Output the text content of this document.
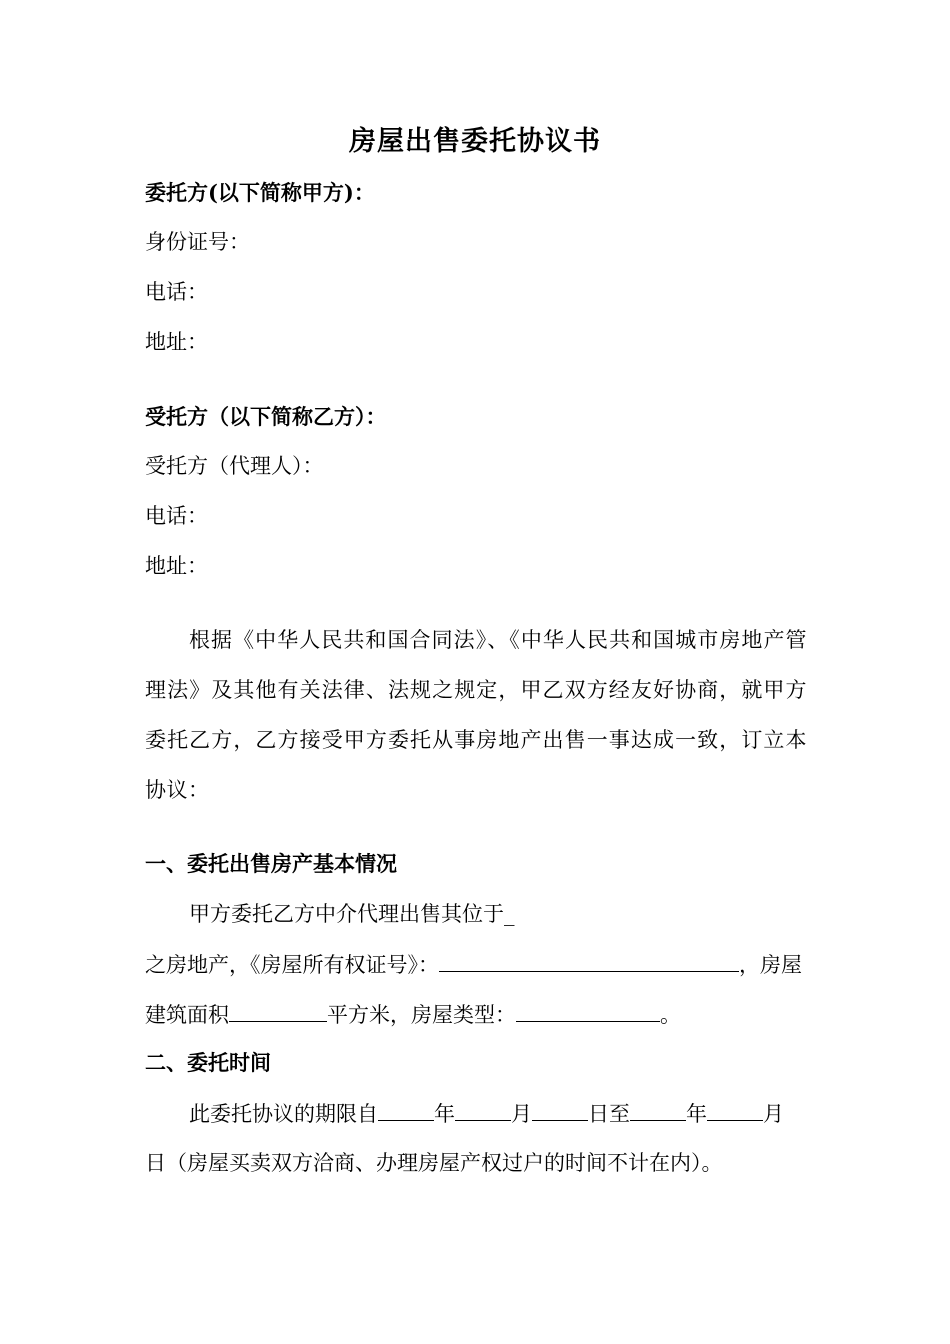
房屋出售委托协议书
委托方(以下简称甲方)：
身份证号：
电话：
地址：
受托方（以下简称乙方）：
受托方（代理人）：
电话：
地址：
根据《中华人民共和国合同法》、《中华人民共和国城市房地产管理法》及其他有关法律、法规之规定，甲乙双方经友好协商，就甲方委托乙方，乙方接受甲方委托从事房地产出售一事达成一致，订立本协议：
一、委托出售房产基本情况
甲方委托乙方中介代理出售其位于_
之房地产，《房屋所有权证号》：	，房屋
建筑面积	平方米，房屋类型：	。
二、委托时间
此委托协议的期限自	年	月	日至	年	月
日（房屋买卖双方洽商、办理房屋产权过户的时间不计在内）。
